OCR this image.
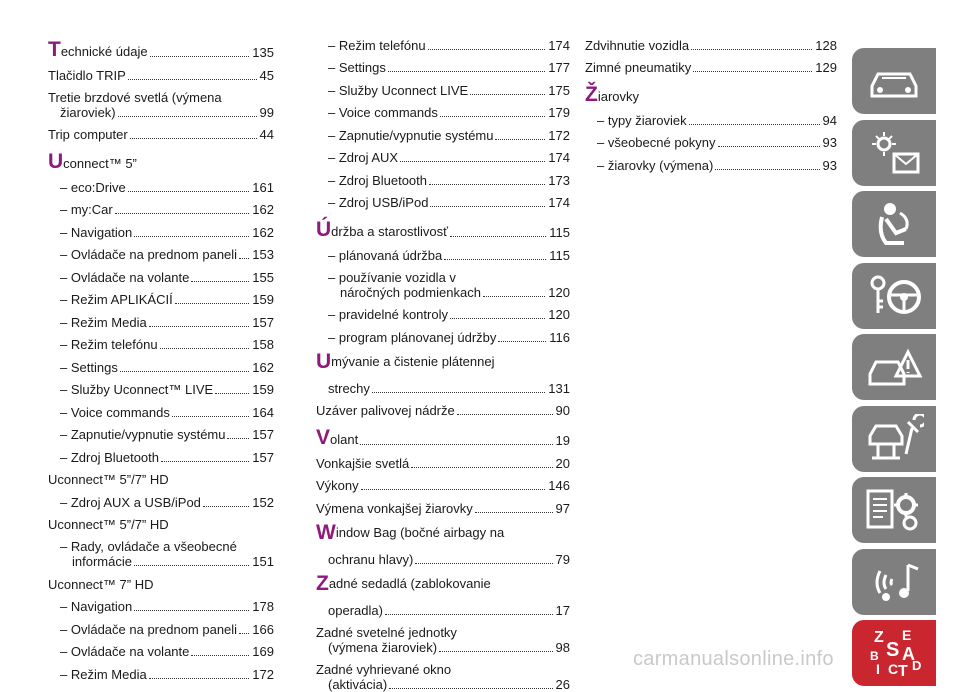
Technické údaje	135
Tlačidlo TRIP	45
Tretie brzdové svetlá (výmena
žiaroviek)	99
Trip computer	44
Uconnect™ 5”
– eco:Drive	161
– my:Car	162
– Navigation	162
– Ovládače na prednom paneli 153
– Ovládače na volante	155
– Režim APLIKÁCIÍ	159
– Režim Media	157
– Režim telefónu	158
– Settings	162
– Služby Uconnect™ LIVE	159
– Voice commands	164
– Zapnutie/vypnutie systému 157
– Zdroj Bluetooth	157
Uconnect™ 5”/7” HD
– Zdroj AUX a USB/iPod	152
Uconnect™ 5”/7” HD
– Rady, ovládače a všeobecné
informácie	151
Uconnect™ 7” HD
– Navigation	178
– Ovládače na prednom paneli 166
– Ovládače na volante	169
– Režim Media	172
– Režim telefónu	174
– Settings	177
– Služby Uconnect LIVE	175
– Voice commands	179
– Zapnutie/vypnutie systému	172
– Zdroj AUX	174
– Zdroj Bluetooth	173
– Zdroj USB/iPod	174
Údržba a starostlivosť	115
– plánovaná údržba	115
– používanie vozidla v
náročných podmienkach	120
– pravidelné kontroly	120
– program plánovanej údržby	116
Umývanie a čistenie plátennej
strechy	131
Uzáver palivovej nádrže	90
Volant	19
Vonkajšie svetlá	20
Výkony	146
Výmena vonkajšej žiarovky	97
Window Bag (bočné airbagy na
ochranu hlavy)	79
Zadné sedadlá (zablokovanie
operadla)	17
Zadné svetelné jednotky
(výmena žiaroviek)	98
Zadné vyhrievané okno
(aktivácia)	26
Zdvihnutie vozidla	128
Zimné pneumatiky	129
Žiarovky
– typy žiaroviek	94
– všeobecné pokyny	93
– žiarovky (výmena)	93
Z E
B S A
I C T D
carmanualsonline.info
